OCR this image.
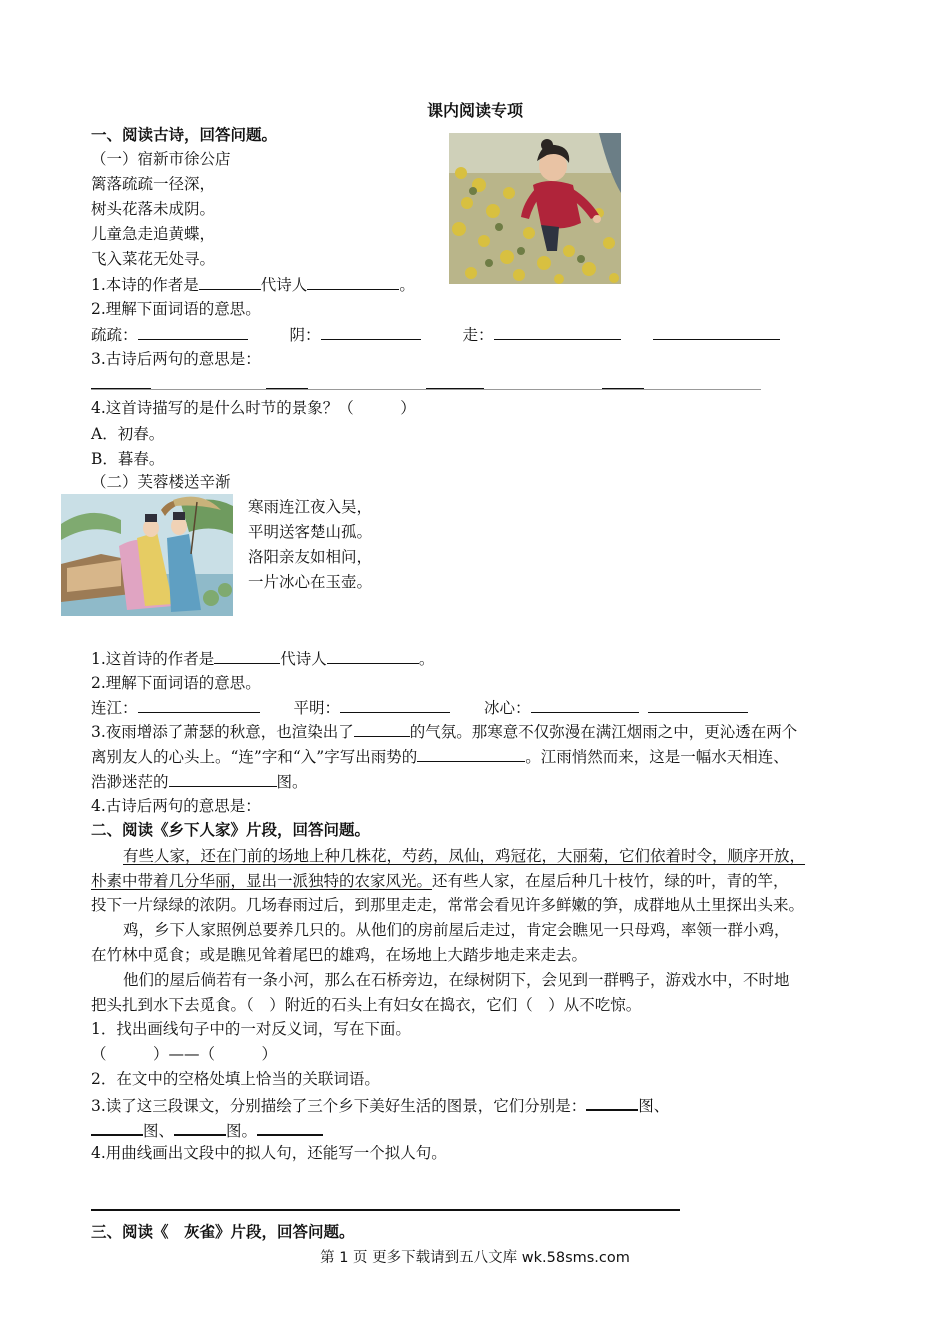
课内阅读专项
一、阅读古诗，回答问题。
（一）宿新市徐公店
篱落疏疏一径深，
树头花落未成阴。
儿童急走追黄蝶，
飞入菜花无处寻。
1.本诗的作者是	代诗人	。
2.理解下面词语的意思。
疏疏：	阴：	走：
3.古诗后两句的意思是：
4.这首诗描写的是什么时节的景象？（　　　）
A．初春。
B．暮春。
（二）芙蓉楼送辛渐
寒雨连江夜入吴，
平明送客楚山孤。
洛阳亲友如相问，
一片冰心在玉壶。
1.这首诗的作者是	代诗人	。
2.理解下面词语的意思。
连江：	平明：	冰心：
3.夜雨增添了萧瑟的秋意，也渲染出了	的气氛。那寒意不仅弥漫在满江烟雨之中，更沁透在两个
离别友人的心头上。“连”字和“入”字写出雨势的	。江雨悄然而来，这是一幅水天相连、
浩渺迷茫的	图。
4.古诗后两句的意思是：
二、阅读《乡下人家》片段，回答问题。
有些人家，还在门前的场地上种几株花，芍药，凤仙，鸡冠花，大丽菊，它们依着时令，顺序开放，
朴素中带着几分华丽，显出一派独特的农家风光。还有些人家，在屋后种几十枝竹，绿的叶，青的竿，
投下一片绿绿的浓阴。几场春雨过后，到那里走走，常常会看见许多鲜嫩的笋，成群地从土里探出头来。
鸡，乡下人家照例总要养几只的。从他们的房前屋后走过，肯定会瞧见一只母鸡，率领一群小鸡，
在竹林中觅食；或是瞧见耸着尾巴的雄鸡，在场地上大踏步地走来走去。
他们的屋后倘若有一条小河，那么在石桥旁边，在绿树阴下，会见到一群鸭子，游戏水中，不时地
把头扎到水下去觅食。（　）附近的石头上有妇女在捣衣，它们（　）从不吃惊。
1．找出画线句子中的一对反义词，写在下面。
（　　　）——（　　　）
2．在文中的空格处填上恰当的关联词语。
3.读了这三段课文，分别描绘了三个乡下美好生活的图景，它们分别是：	图、
图、	图。
4.用曲线画出文段中的拟人句，还能写一个拟人句。
三、阅读《　灰雀》片段，回答问题。
第 1 页 更多下载请到五八文库 wk.58sms.com
